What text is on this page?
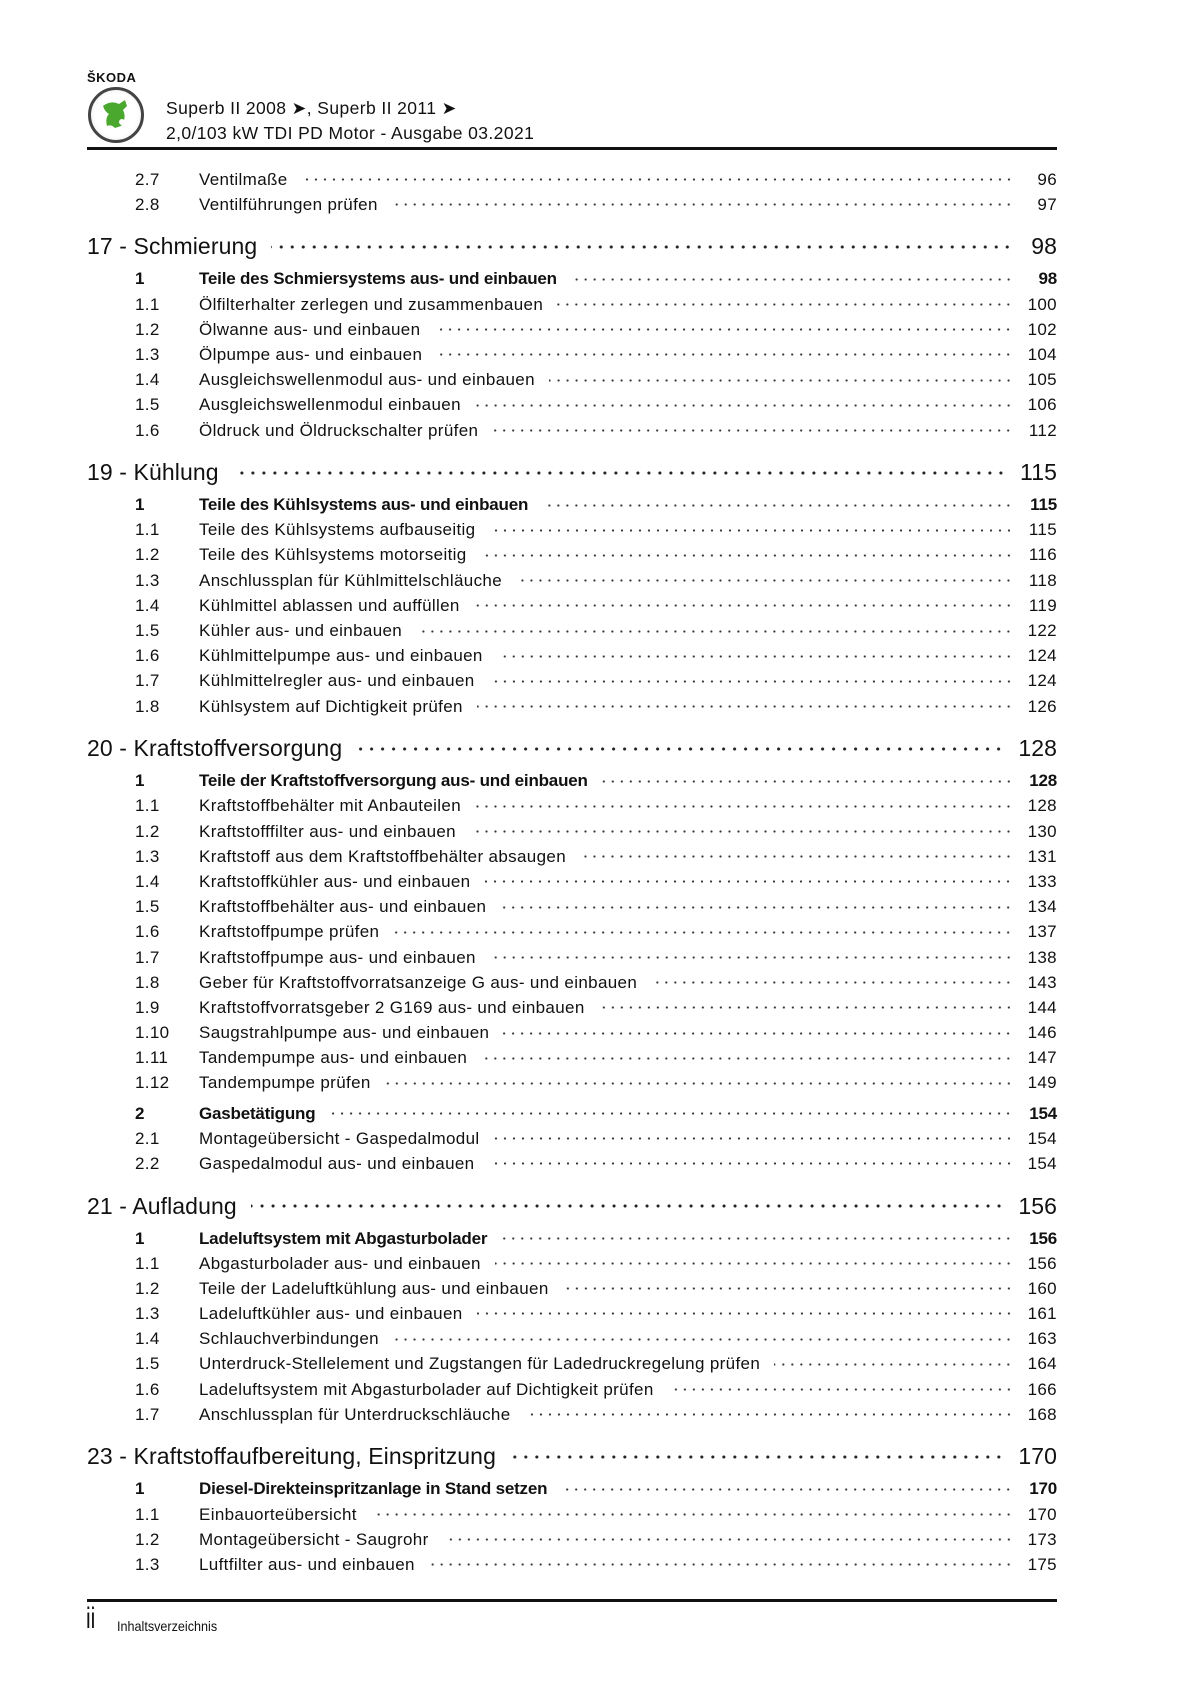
ŠKODA
Superb II 2008 ➤, Superb II 2011 ➤
2,0/103 kW TDI PD Motor - Ausgabe 03.2021
2.7	Ventilmaße	96
2.8	Ventilführungen prüfen	97
17 - Schmierung	98
1	Teile des Schmiersystems aus- und einbauen	98
1.1	Ölfilterhalter zerlegen und zusammenbauen	100
1.2	Ölwanne aus- und einbauen	102
1.3	Ölpumpe aus- und einbauen	104
1.4	Ausgleichswellenmodul aus- und einbauen	105
1.5	Ausgleichswellenmodul einbauen	106
1.6	Öldruck und Öldruckschalter prüfen	112
19 - Kühlung	115
1	Teile des Kühlsystems aus- und einbauen	115
1.1	Teile des Kühlsystems aufbauseitig	115
1.2	Teile des Kühlsystems motorseitig	116
1.3	Anschlussplan für Kühlmittelschläuche	118
1.4	Kühlmittel ablassen und auffüllen	119
1.5	Kühler aus- und einbauen	122
1.6	Kühlmittelpumpe aus- und einbauen	124
1.7	Kühlmittelregler aus- und einbauen	124
1.8	Kühlsystem auf Dichtigkeit prüfen	126
20 - Kraftstoffversorgung	128
1	Teile der Kraftstoffversorgung aus- und einbauen	128
1.1	Kraftstoffbehälter mit Anbauteilen	128
1.2	Kraftstofffilter aus- und einbauen	130
1.3	Kraftstoff aus dem Kraftstoffbehälter absaugen	131
1.4	Kraftstoffkühler aus- und einbauen	133
1.5	Kraftstoffbehälter aus- und einbauen	134
1.6	Kraftstoffpumpe prüfen	137
1.7	Kraftstoffpumpe aus- und einbauen	138
1.8	Geber für Kraftstoffvorratsanzeige G aus- und einbauen	143
1.9	Kraftstoffvorratsgeber 2 G169 aus- und einbauen	144
1.10	Saugstrahlpumpe aus- und einbauen	146
1.11	Tandempumpe aus- und einbauen	147
1.12	Tandempumpe prüfen	149
2	Gasbetätigung	154
2.1	Montageübersicht - Gaspedalmodul	154
2.2	Gaspedalmodul aus- und einbauen	154
21 - Aufladung	156
1	Ladeluftsystem mit Abgasturbolader	156
1.1	Abgasturbolader aus- und einbauen	156
1.2	Teile der Ladeluftkühlung aus- und einbauen	160
1.3	Ladeluftkühler aus- und einbauen	161
1.4	Schlauchverbindungen	163
1.5	Unterdruck-Stellelement und Zugstangen für Ladedruckregelung prüfen	164
1.6	Ladeluftsystem mit Abgasturbolader auf Dichtigkeit prüfen	166
1.7	Anschlussplan für Unterdruckschläuche	168
23 - Kraftstoffaufbereitung, Einspritzung	170
1	Diesel-Direkteinspritzanlage in Stand setzen	170
1.1	Einbauorteübersicht	170
1.2	Montageübersicht - Saugrohr	173
1.3	Luftfilter aus- und einbauen	175
ii Inhaltsverzeichnis
